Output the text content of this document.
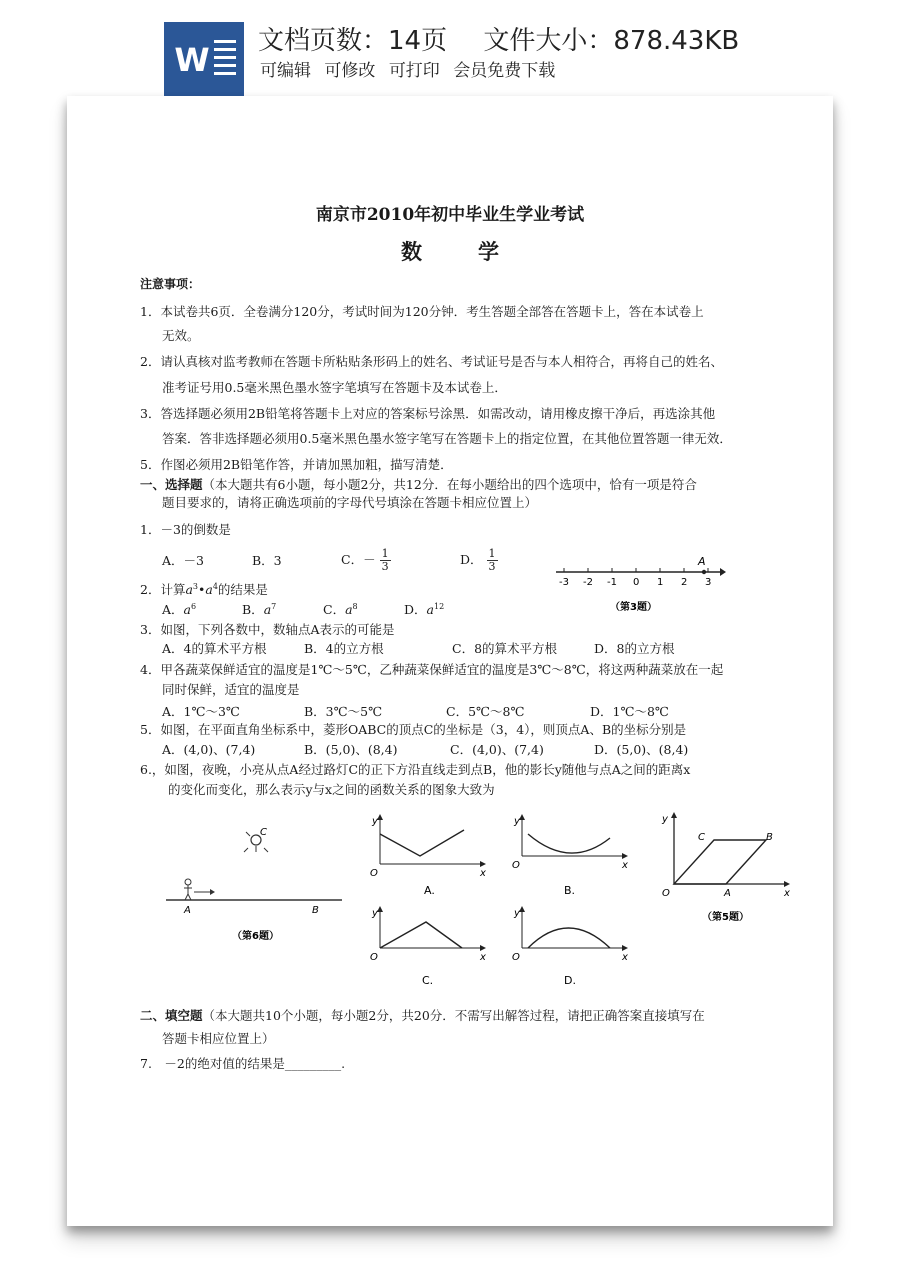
W 文档页数：14页 文件大小：878.43KB
可编辑 可修改 可打印 会员免费下载
南京市2010年初中毕业生学业考试
数学
注意事项：
1．本试卷共6页．全卷满分120分，考试时间为120分钟．考生答题全部答在答题卡上，答在本试卷上
无效。
2．请认真核对监考教师在答题卡所粘贴条形码上的姓名、考试证号是否与本人相符合，再将自己的姓名、
准考证号用0.5毫米黑色墨水签字笔填写在答题卡及本试卷上．
3．答选择题必须用2B铅笔将答题卡上对应的答案标号涂黑．如需改动，请用橡皮擦干净后，再选涂其他
答案．答非选择题必须用0.5毫米黑色墨水签字笔写在答题卡上的指定位置，在其他位置答题一律无效．
5．作图必须用2B铅笔作答，并请加黑加粗，描写清楚．
一、选择题（本大题共有6小题，每小题2分，共12分．在每小题给出的四个选项中，恰有一项是符合
题目要求的，请将正确选项前的字母代号填涂在答题卡相应位置上）
1．－3的倒数是
A．－3	B．3	C．－ $\frac{1}{3}$	D． $\frac{1}{3}$	A
-3 -2 -1 0 1 2 3
（第3题）
2．计算$a^3•a^4$的结果是
A．$a^6$	B．$a^7$	C．$a^8$	D．$a^{12}$
3．如图，下列各数中，数轴点A表示的可能是
A．4的算术平方根	B．4的立方根	C．8的算术平方根	D．8的立方根
4．甲各蔬菜保鲜适宜的温度是1℃～5℃，乙种蔬菜保鲜适宜的温度是3℃～8℃，将这两种蔬菜放在一起
同时保鲜，适宜的温度是
A．1℃～3℃	B．3℃～5℃	C．5℃～8℃	D．1℃～8℃
5．如图，在平面直角坐标系中，菱形OABC的顶点C的坐标是（3，4），则顶点A、B的坐标分别是
A．(4,0)、(7,4)	B．(5,0)、(8,4)	C．(4,0)、(7,4)	D．(5,0)、(8,4)
6.，如图，夜晚，小亮从点A经过路灯C的正下方沿直线走到点B，他的影长y随他与点A之间的距离x
的变化而变化，那么表示y与x之间的函数关系的图象大致为
C
A	B
（第6题）
y
x
O
A.
y
x
O
B.
y
x
O
C.
y
x
O
D.
y
x
C	B
A
O
（第5题）
二、填空题（本大题共10个小题，每小题2分，共20分．不需写出解答过程，请把正确答案直接填写在
答题卡相应位置上）
7.　－2的绝对值的结果是_________.
